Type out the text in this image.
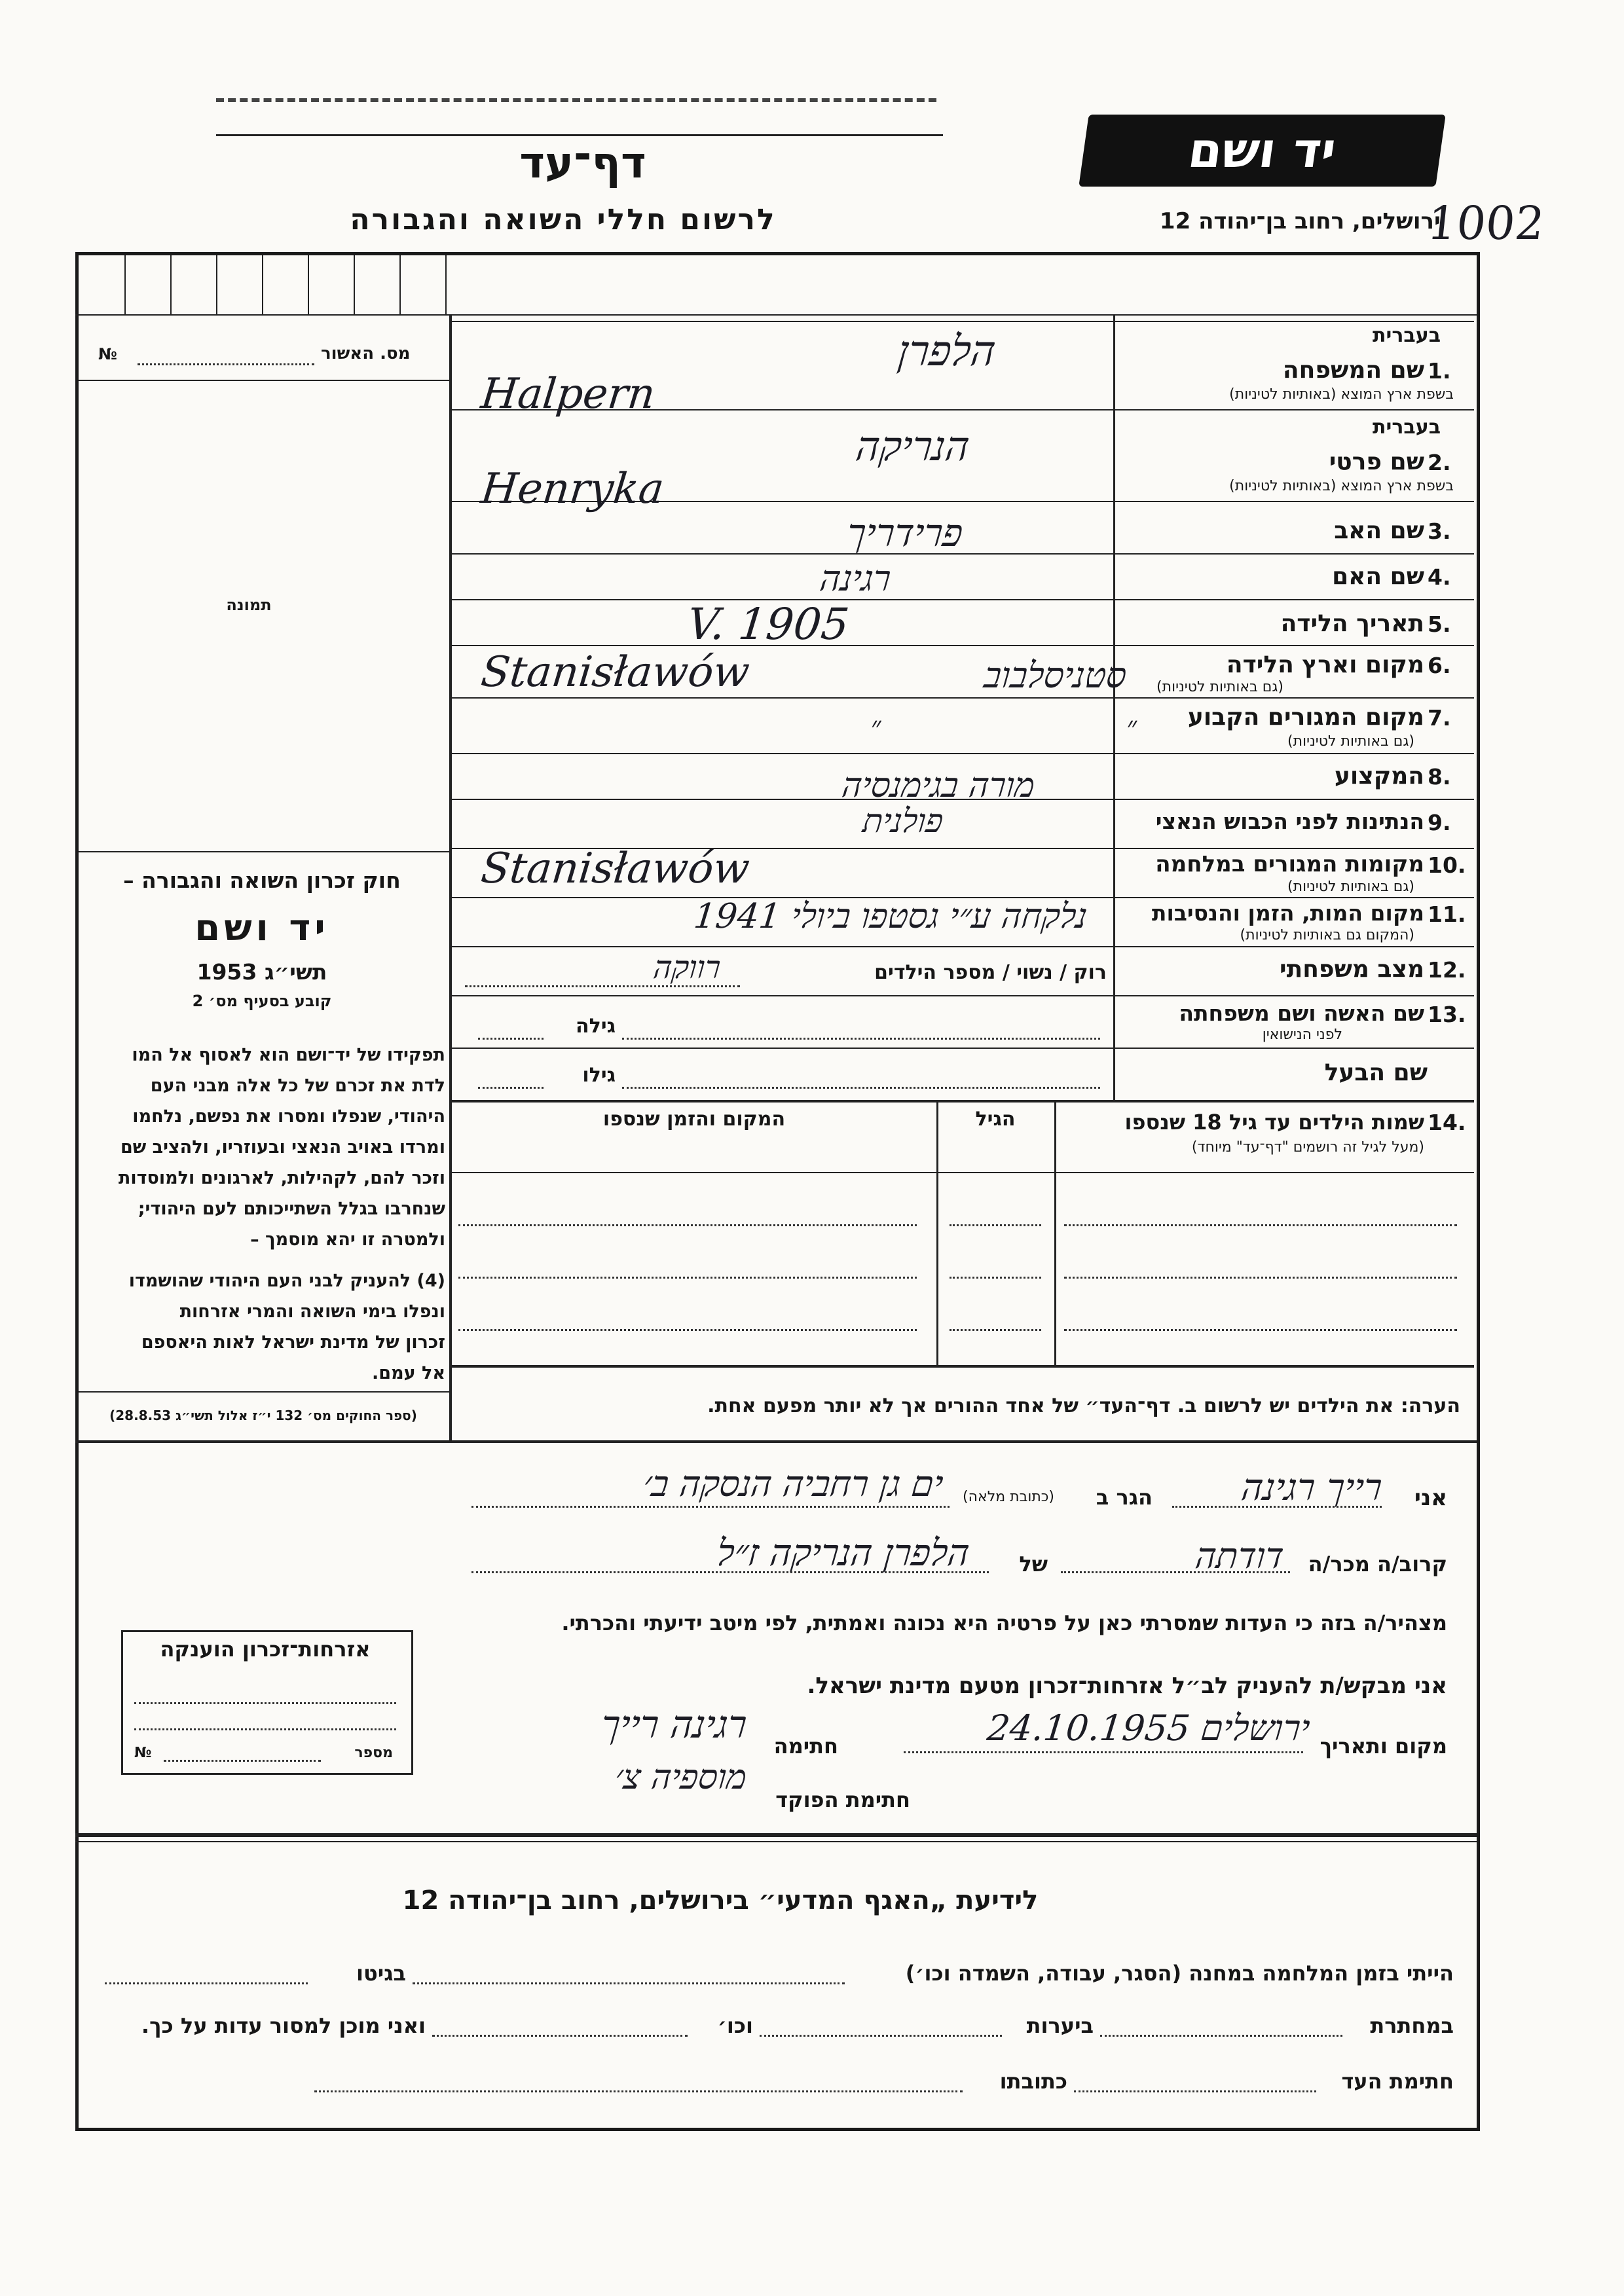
יד ושם
1002
ירושלים, רחוב בן־יהודה 12
דף־עד
לרשום חללי השואה והגבורה
מס. האשור
№
תמונה
חוק זכרון השואה והגבורה –
יד ושם
תשי״ג 1953
קובע בסעיף מס׳ 2
תפקידו של יד־ושם הוא לאסוף אל המו
לדת את זכרם של כל אלה מבני העם
היהודי, שנפלו ומסרו את נפשם, נלחמו
ומרדו באויב הנאצי ובעוזריו, ולהציב שם
וזכר להם, לקהילות, לארגונים ולמוסדות
שנחרבו בגלל השתייכותם לעם היהודי;
ולמטרה זו יהא מוסמך –
(4) להעניק לבני העם היהודי שהושמדו
ונפלו בימי השואה והמרי אזרחות
זכרון של מדינת ישראל לאות היאספם
אל עמם.
(ספר החוקים מס׳ 132 י״ז אלול תשי״ג 28.8.53)
בעברית
שם המשפחה 1.
בשפת ארץ המוצא (באותיות לטיניות)
הלפרן
Halpern
בעברית
שם פרטי 2.
בשפת ארץ המוצא (באותיות לטיניות)
הנריקה
Henryka
שם האב 3.
פרידריך
שם האם 4.
רגינה
תאריך הלידה 5.
V. 1905
מקום וארץ הלידה 6.
(גם באותיות לטיניות)
Stanisławów	סטניסלבוב
מקום המגורים הקבוע 7.
(גם באותיות לטיניות)
״ ״
המקצוע 8.
מורה בגימנסיה
הנתינות לפני הכבוש הנאצי 9.
פולנית
מקומות המגורים במלחמה 10.
(גם באותיות לטיניות)
Stanisławów
מקום המות, הזמן והנסיבות 11.
(המקום גם באותיות לטיניות)
נלקחה ע״י גסטפו ביולי 1941
מצב משפחתי 12.
רוק / נשוי / מספר הילדים
רווקה
שם האשה ושם משפחתה 13.
לפני הנישואין
גילה
שם הבעל
גילו
שמות הילדים עד גיל 18 שנספו 14.
(מעל לגיל זה רושמים "דף־עד" מיוחד)
הגיל
המקום והזמן שנספו
הערה: את הילדים יש לרשום ב. דף־העד״ של אחד ההורים אך לא יותר מפעם אחת.
אני
רייך רגינה
הגר ב
(כתובת מלאה)
ים גן רחביה הנסקה ב׳
קרוב/ה מכר/ה
דודתה
של
הלפרן הנריקה ז״ל
מצהיר/ה בזה כי העדות שמסרתי כאן על פרטיה היא נכונה ואמתית, לפי מיטב ידיעתי והכרתי.
אני מבקש/ת להעניק לב״ל אזרחות־זכרון מטעם מדינת ישראל.
מקום ותאריך
ירושלים 24.10.1955
חתימה
רגינה רייך
חתימת הפוקד
מוספיה צ׳
אזרחות־זכרון הוענקה
מספר
№
לידיעת „האגף המדעי״ בירושלים, רחוב בן־יהודה 12
הייתי בזמן המלחמה במחנה (הסגר, עבודה, השמדה וכו׳)
בגיטו
במחתרת
ביערות
וכו׳
ואני מוכן למסור עדות על כך.
חתימת העד
כתובתו
